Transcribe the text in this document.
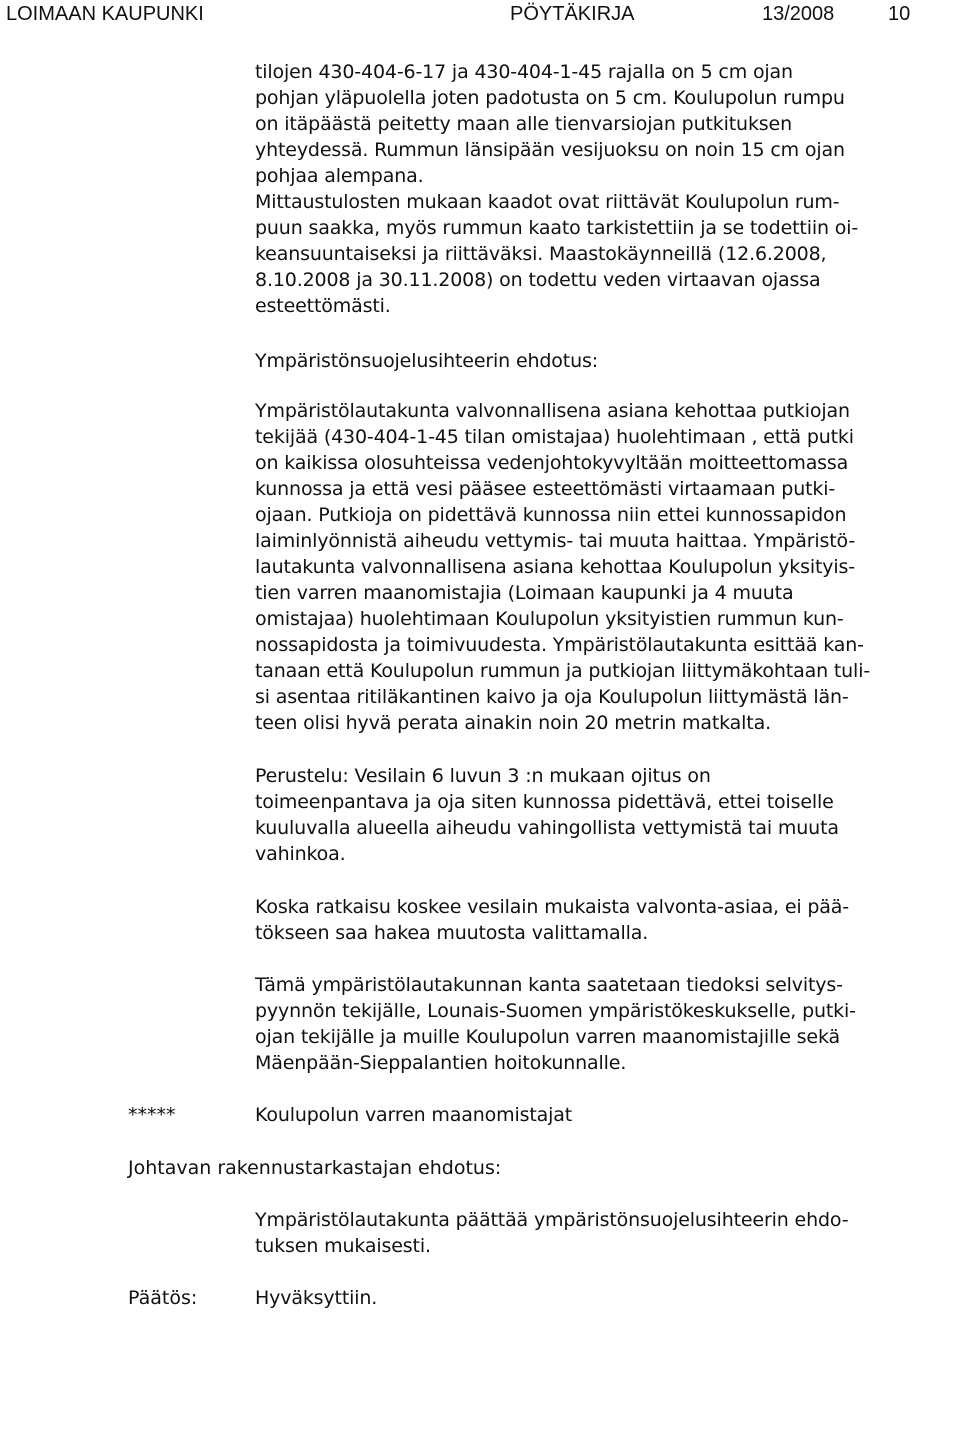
LOIMAAN KAUPUNKI	PÖYTÄKIRJA	13/2008	10
tilojen 430-404-6-17 ja 430-404-1-45 rajalla on 5 cm ojan
pohjan yläpuolella joten padotusta on 5 cm. Koulupolun rumpu
on itäpäästä peitetty maan alle tienvarsiojan putkituksen
yhteydessä. Rummun länsipään vesijuoksu on noin 15 cm ojan
pohjaa alempana.
Mittaustulosten mukaan kaadot ovat riittävät Koulupolun rum-
puun saakka, myös rummun kaato tarkistettiin ja se todettiin oi-
keansuuntaiseksi ja riittäväksi. Maastokäynneillä (12.6.2008,
8.10.2008 ja 30.11.2008) on todettu veden virtaavan ojassa
esteettömästi.
Ympäristönsuojelusihteerin ehdotus:
Ympäristölautakunta valvonnallisena asiana kehottaa putkiojan
tekijää (430-404-1-45 tilan omistajaa) huolehtimaan , että putki
on kaikissa olosuhteissa vedenjohtokyvyltään moitteettomassa
kunnossa ja että vesi pääsee esteettömästi virtaamaan putki-
ojaan. Putkioja on pidettävä kunnossa niin ettei kunnossapidon
laiminlyönnistä aiheudu vettymis- tai muuta haittaa. Ympäristö-
lautakunta valvonnallisena asiana kehottaa Koulupolun yksityis-
tien varren maanomistajia (Loimaan kaupunki ja 4 muuta
omistajaa) huolehtimaan Koulupolun yksityistien rummun kun-
nossapidosta ja toimivuudesta. Ympäristölautakunta esittää kan-
tanaan että Koulupolun rummun ja putkiojan liittymäkohtaan tuli-
si asentaa ritiläkantinen kaivo ja oja Koulupolun liittymästä län-
teen olisi hyvä perata ainakin noin 20 metrin matkalta.
Perustelu: Vesilain 6 luvun 3 :n mukaan ojitus on
toimeenpantava ja oja siten kunnossa pidettävä, ettei toiselle
kuuluvalla alueella aiheudu vahingollista vettymistä tai muuta
vahinkoa.
Koska ratkaisu koskee vesilain mukaista valvonta-asiaa, ei pää-
tökseen saa hakea muutosta valittamalla.
Tämä ympäristölautakunnan kanta saatetaan tiedoksi selvitys-
pyynnön tekijälle, Lounais-Suomen ympäristökeskukselle, putki-
ojan tekijälle ja muille Koulupolun varren maanomistajille sekä
Mäenpään-Sieppalantien hoitokunnalle.
*****	Koulupolun varren maanomistajat
Johtavan rakennustarkastajan ehdotus:
Ympäristölautakunta päättää ympäristönsuojelusihteerin ehdo-
tuksen mukaisesti.
Päätös:	Hyväksyttiin.
